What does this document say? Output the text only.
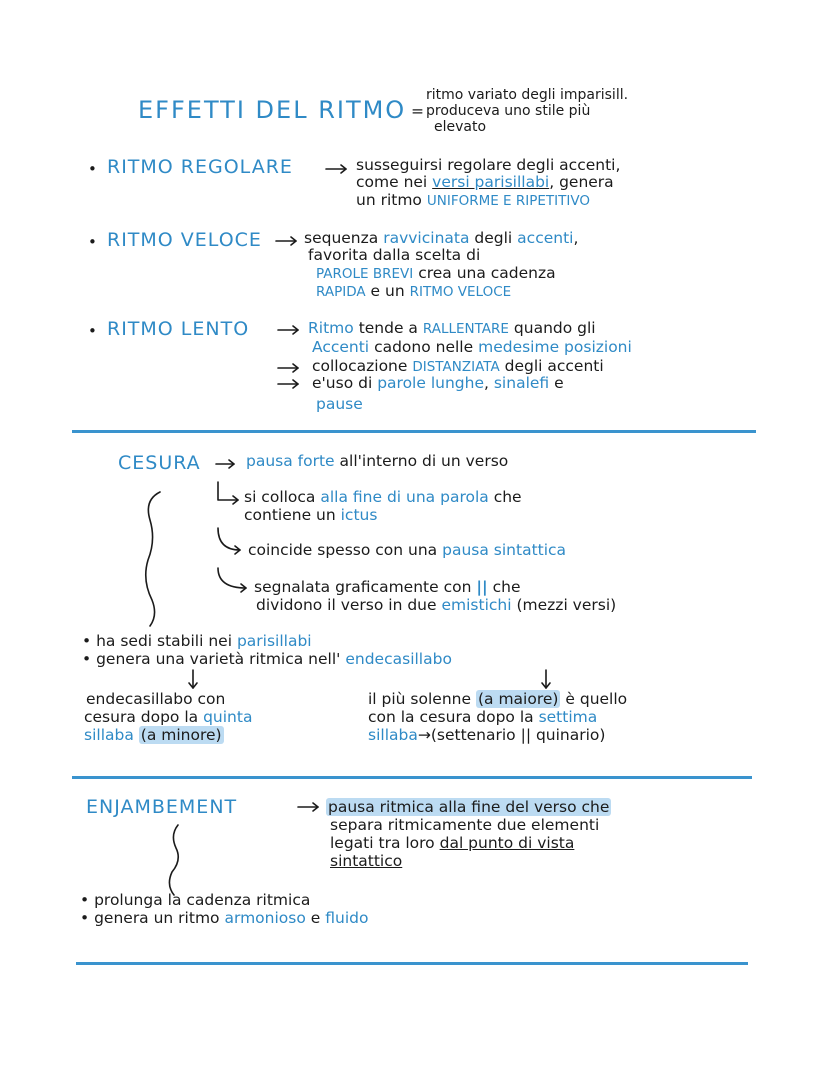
EFFETTI DEL RITMO =
ritmo variato degli imparisill.
produceva uno stile più
elevato
• RITMO REGOLARE	susseguirsi regolare degli accenti,
come nei versi parisillabi, genera
un ritmo UNIFORME E RIPETITIVO
• RITMO VELOCE	sequenza ravvicinata degli accenti,
favorita dalla scelta di
PAROLE BREVI crea una cadenza
RAPIDA e un RITMO VELOCE
• RITMO LENTO	Ritmo tende a RALLENTARE quando gli
Accenti cadono nelle medesime posizioni
collocazione DISTANZIATA degli accenti
e'uso di parole lunghe, sinalefi e
pause
CESURA	pausa forte all'interno di un verso
si colloca alla fine di una parola che
contiene un ictus
coincide spesso con una pausa sintattica
segnalata graficamente con || che
dividono il verso in due emistichi (mezzi versi)
• ha sedi stabili nei parisillabi
• genera una varietà ritmica nell' endecasillabo
endecasillabo con
cesura dopo la quinta
sillaba (a minore)
il più solenne (a maiore) è quello
con la cesura dopo la settima
sillaba→(settenario || quinario)
ENJAMBEMENT	pausa ritmica alla fine del verso che
separa ritmicamente due elementi
legati tra loro dal punto di vista
sintattico
• prolunga la cadenza ritmica
• genera un ritmo armonioso e fluido
